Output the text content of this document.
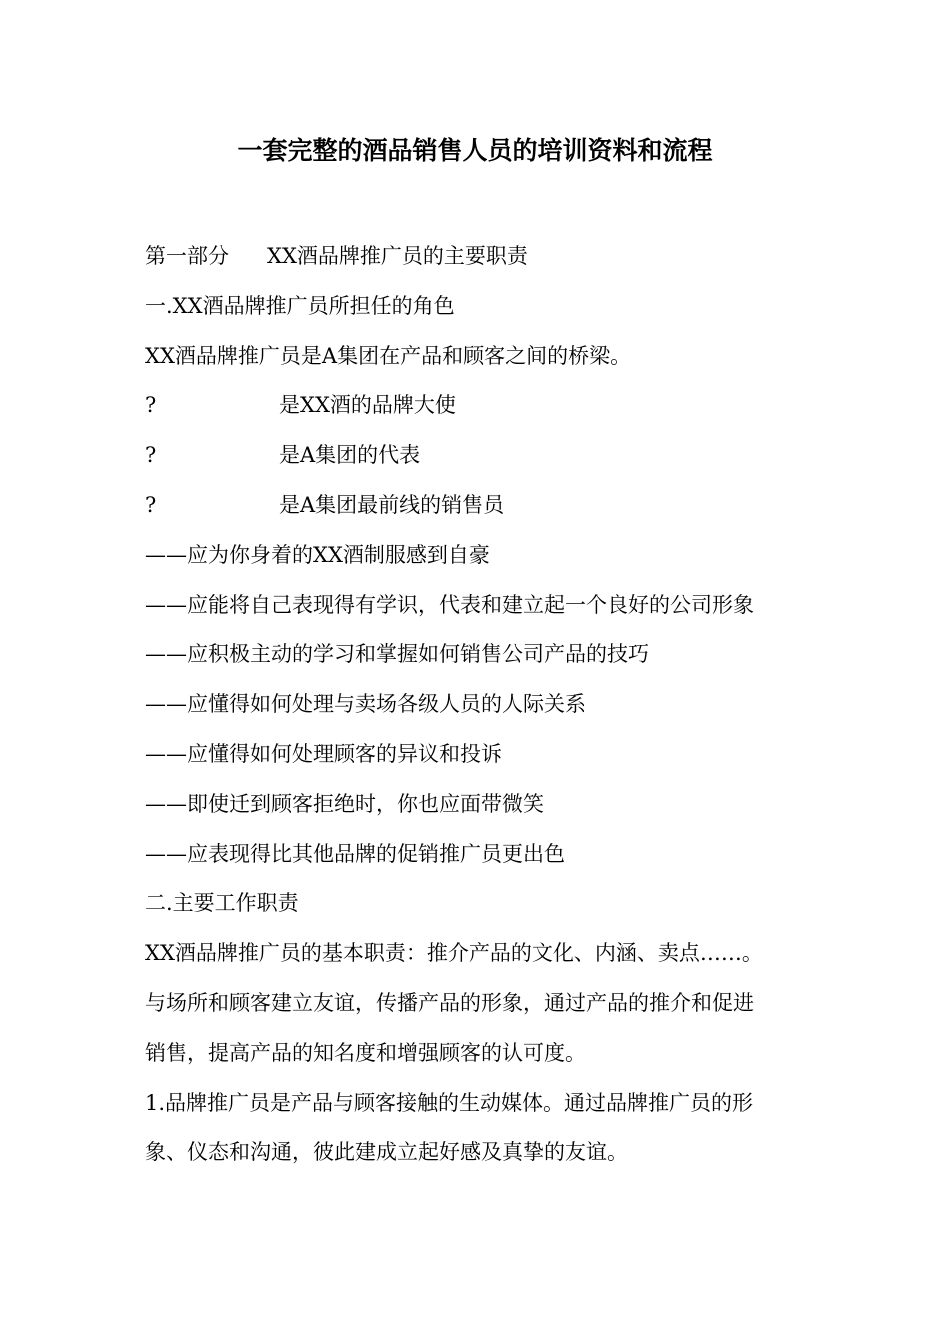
一套完整的酒品销售人员的培训资料和流程
第一部分 XX酒品牌推广员的主要职责
一.XX酒品牌推广员所担任的角色
XX酒品牌推广员是A集团在产品和顾客之间的桥梁。
?	是XX酒的品牌大使
?	是A集团的代表
?	是A集团最前线的销售员
——应为你身着的XX酒制服感到自豪
——应能将自己表现得有学识，代表和建立起一个良好的公司形象
——应积极主动的学习和掌握如何销售公司产品的技巧
——应懂得如何处理与卖场各级人员的人际关系
——应懂得如何处理顾客的异议和投诉
——即使迁到顾客拒绝时，你也应面带微笑
——应表现得比其他品牌的促销推广员更出色
二.主要工作职责
XX酒品牌推广员的基本职责：推介产品的文化、内涵、卖点……。
与场所和顾客建立友谊，传播产品的形象，通过产品的推介和促进
销售，提高产品的知名度和增强顾客的认可度。
1.品牌推广员是产品与顾客接触的生动媒体。通过品牌推广员的形
象、仪态和沟通，彼此建成立起好感及真挚的友谊。
